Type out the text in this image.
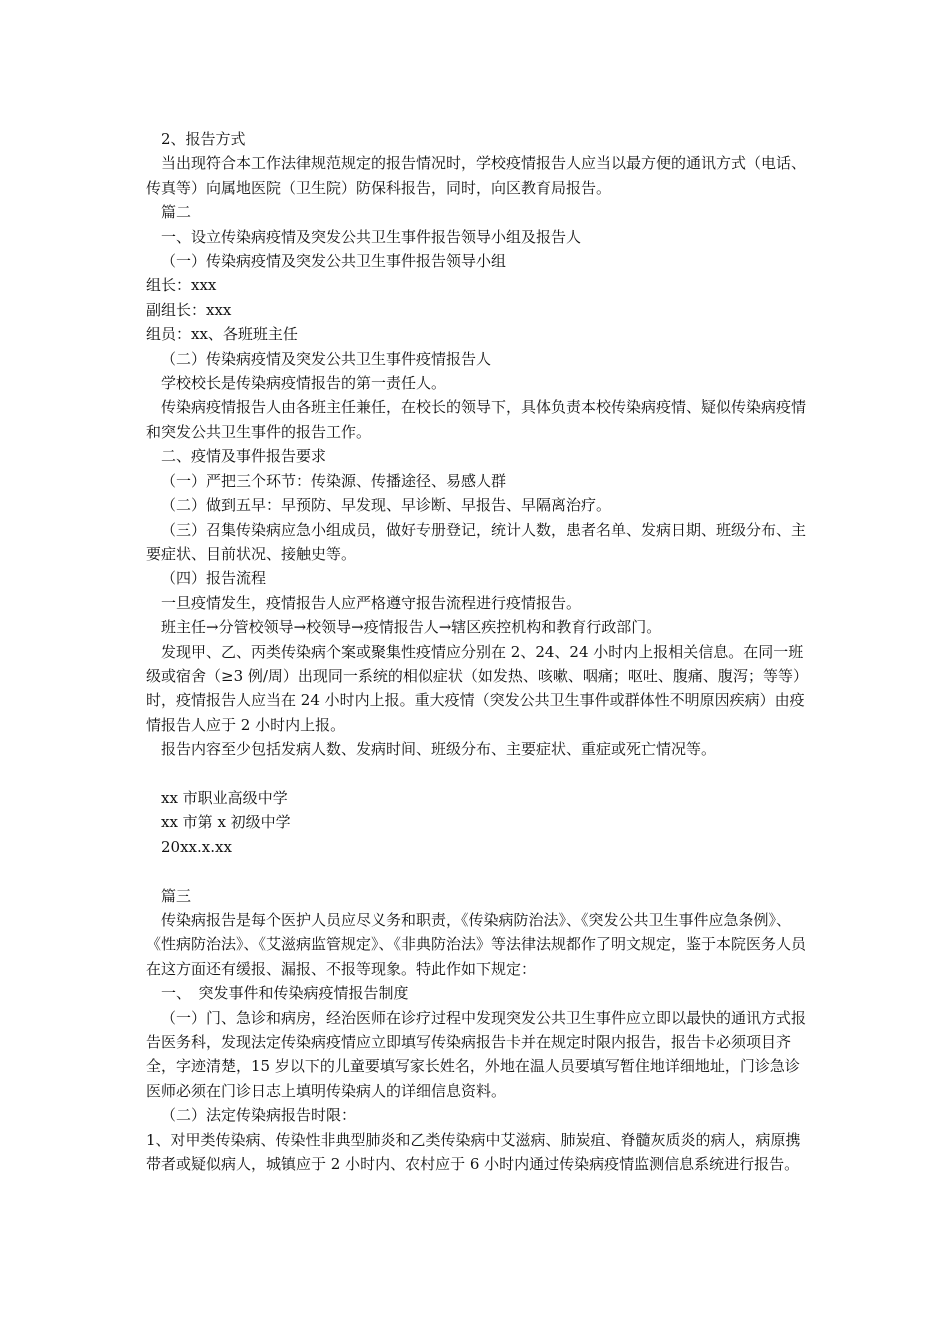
2、报告方式

当出现符合本工作法律规范规定的报告情况时，学校疫情报告人应当以最方便的通讯方式（电话、传真等）向属地医院（卫生院）防保科报告，同时，向区教育局报告。

篇二

一、设立传染病疫情及突发公共卫生事件报告领导小组及报告人

（一）传染病疫情及突发公共卫生事件报告领导小组

组长：xxx

副组长：xxx

组员：xx、各班班主任

（二）传染病疫情及突发公共卫生事件疫情报告人

学校校长是传染病疫情报告的第一责任人。

传染病疫情报告人由各班主任兼任，在校长的领导下，具体负责本校传染病疫情、疑似传染病疫情和突发公共卫生事件的报告工作。

二、疫情及事件报告要求

（一）严把三个环节：传染源、传播途径、易感人群

（二）做到五早：早预防、早发现、早诊断、早报告、早隔离治疗。

（三）召集传染病应急小组成员，做好专册登记，统计人数，患者名单、发病日期、班级分布、主要症状、目前状况、接触史等。

（四）报告流程

一旦疫情发生，疫情报告人应严格遵守报告流程进行疫情报告。

班主任→分管校领导→校领导→疫情报告人→辖区疾控机构和教育行政部门。

发现甲、乙、丙类传染病个案或聚集性疫情应分别在 2、24、24 小时内上报相关信息。在同一班级或宿舍（≥3 例/周）出现同一系统的相似症状（如发热、咳嗽、咽痛；呕吐、腹痛、腹泻；等等）时，疫情报告人应当在 24 小时内上报。重大疫情（突发公共卫生事件或群体性不明原因疾病）由疫情报告人应于 2 小时内上报。

报告内容至少包括发病人数、发病时间、班级分布、主要症状、重症或死亡情况等。

xx 市职业高级中学

xx 市第 x 初级中学

20xx.x.xx

篇三

传染病报告是每个医护人员应尽义务和职责，《传染病防治法》、《突发公共卫生事件应急条例》、《性病防治法》、《艾滋病监管规定》、《非典防治法》等法律法规都作了明文规定，鉴于本院医务人员在这方面还有缓报、漏报、不报等现象。特此作如下规定：

一、　突发事件和传染病疫情报告制度

（一）门、急诊和病房，经治医师在诊疗过程中发现突发公共卫生事件应立即以最快的通讯方式报告医务科，发现法定传染病疫情应立即填写传染病报告卡并在规定时限内报告，报告卡必须项目齐全，字迹清楚，15 岁以下的儿童要填写家长姓名，外地在温人员要填写暂住地详细地址，门诊急诊医师必须在门诊日志上填明传染病人的详细信息资料。

（二）法定传染病报告时限：

1、对甲类传染病、传染性非典型肺炎和乙类传染病中艾滋病、肺炭疽、脊髓灰质炎的病人，病原携带者或疑似病人，城镇应于 2 小时内、农村应于 6 小时内通过传染病疫情监测信息系统进行报告。
